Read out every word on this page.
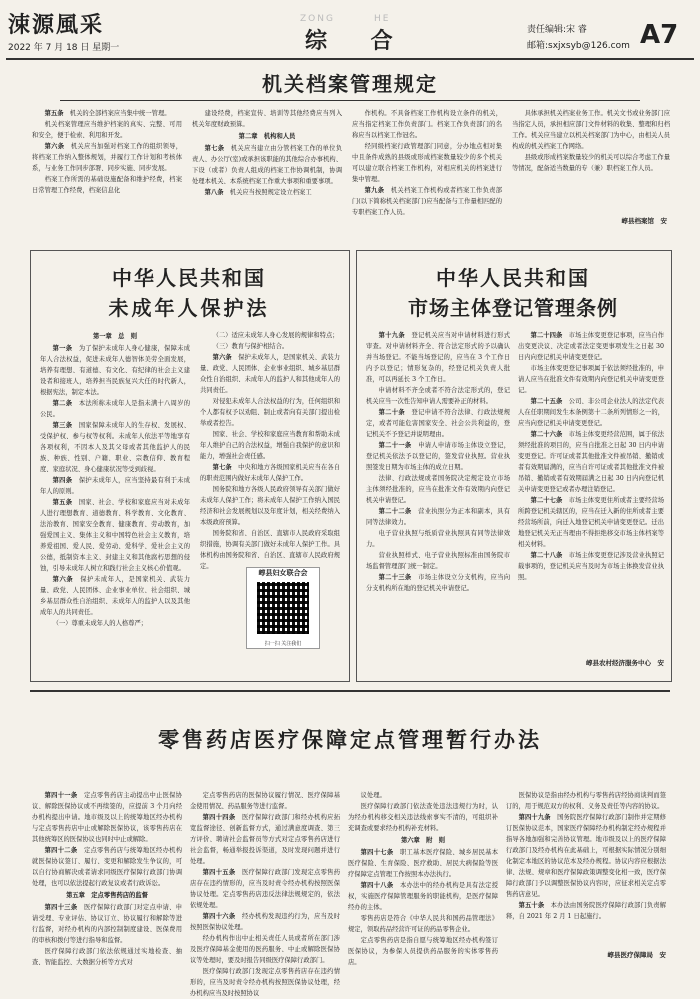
涑源風采
2022 年 7 月 18 日 星期一
ZONG	HE
综 合	责任编辑:宋 睿
邮箱:sxjxsyb@126.com A7
机关档案管理规定

第五条　机关的全部档案应当集中统一管理。

机关档案管理应当维护档案的真实、完整、可用和安全，便于检索、利用和开发。

第六条　机关应当加强对档案工作的组织领导，将档案工作纳入整体规划，并履行工作计划和考核体系，与业务工作同步部署、同步实施、同步发展。

档案工作所需的基础设施配备和维护经费，档案日常管理工作经费，档案信息化

建设经费，档案宣传、培训等其他经费应当列入机关年度财政预算。

第二章　机构和人员

第七条　机关应当建立由分管档案工作的单位负责人、办公厅(室)或承担该职能的其他综合办事机构、下设（或者）负责人组成的档案工作协调机制，协调处理本机关、本系统档案工作重大事项和重要事项。

第八条　机关应当按照规定设立档案工

作机构。不具备档案工作机构设立条件的机关，应当指定档案工作负责部门。档案工作负责部门的名称应当以档案工作冠名。

经同级档案行政管理部门同意，分办地点相对集中且条件成熟的县级或形成档案数量较少的多个机关可以建立联合档案工作机构，对相应机关的档案进行集中管理。

第九条　机关档案工作机构或者档案工作负责部门(以下简称机关档案部门)应当配备与工作量相匹配的专职档案工作人员。

具体承担机关档案业务工作。机关文书或业务部门应当指定人员，承担相应部门文件材料的收集、整理和归档工作。机关应当建立以机关档案部门为中心，由相关人员构成的机关档案工作网络。

县级或形成档案数量较少的机关可以综合考虑工作量等情况，配备适当数量的专（兼）职档案工作人员。

崞县档案馆　安
中华人民共和国
未成年人保护法
第一章　总　则

第一条　为了保护未成年人身心健康，保障未成年人合法权益，促进未成年人德智体美劳全面发展，培养有理想、有道德、有文化、有纪律的社会主义建设者和接班人，培养担当民族复兴大任的时代新人，根据宪法，制定本法。

第二条　本法所称未成年人是指未满十八周岁的公民。

第三条　国家保障未成年人的生存权、发展权、受保护权、参与权等权利。未成年人依法平等地享有各项权利，不因本人及其父母或者其他监护人的民族、种族、性别、户籍、职业、宗教信仰、教育程度、家庭状况、身心健康状况等受到歧视。

第四条　保护未成年人，应当坚持最有利于未成年人的原则。

第五条　国家、社会、学校和家庭应当对未成年人进行理想教育、道德教育、科学教育、文化教育、法治教育、国家安全教育、健康教育、劳动教育，加强爱国主义、集体主义和中国特色社会主义教育，培养爱祖国、爱人民、爱劳动、爱科学、爱社会主义的公德，抵制资本主义、封建主义和其他腐朽思想的侵蚀，引导未成年人树立和践行社会主义核心价值观。

第六条　保护未成年人，是国家机关、武装力量、政党、人民团体、企业事业单位、社会组织、城乡基层群众性自治组织、未成年人的监护人以及其他成年人的共同责任。

（一）尊重未成年人的人格尊严；

（二）适应未成年人身心发展的规律和特点；

（三）教育与保护相结合。

第六条　保护未成年人，是国家机关、武装力量、政党、人民团体、企业事业组织、城乡基层群众性自治组织、未成年人的监护人和其他成年人的共同责任。

对侵犯未成年人合法权益的行为，任何组织和个人都有权予以劝阻、制止或者向有关部门提出检举或者控告。

国家、社会、学校和家庭应当教育和帮助未成年人维护自己的合法权益，增强自我保护的意识和能力，增强社会责任感。

第七条　中央和地方各级国家机关应当在各自的职责范围内做好未成年人保护工作。

国务院和地方各级人民政府领导有关部门做好未成年人保护工作；将未成年人保护工作纳入国民经济和社会发展规划以及年度计划，相关经费纳入本级政府预算。

国务院和省、自治区、直辖市人民政府采取组织措施，协调有关部门做好未成年人保护工作。具体机构由国务院和省、自治区、直辖市人民政府规定。

崞县妇女联合会
扫一扫 关注我们
中华人民共和国
市场主体登记管理条例

第十九条　登记机关应当对申请材料进行形式审查。对申请材料齐全、符合法定形式的予以确认并当场登记。不能当场登记的，应当在 3 个工作日内予以登记；情形复杂的，经登记机关负责人批准，可以再延长 3 个工作日。

申请材料不齐全或者不符合法定形式的，登记机关应当一次性告知申请人需要补正的材料。

第二十条　登记申请不符合法律、行政法规规定，或者可能危害国家安全、社会公共利益的，登记机关不予登记并说明理由。

第二十一条　申请人申请市场主体设立登记，登记机关依法予以登记的，签发营业执照。营业执照签发日期为市场主体的成立日期。

法律、行政法规或者国务院决定规定设立市场主体须经批准的，应当在批准文件有效期内向登记机关申请登记。

第二十二条　营业执照分为正本和副本，具有同等法律效力。

电子营业执照与纸质营业执照具有同等法律效力。

营业执照样式、电子营业执照标准由国务院市场监督管理部门统一制定。

第二十三条　市场主体设立分支机构，应当向分支机构所在地的登记机关申请登记。

第二十四条　市场主体变更登记事项，应当自作出变更决议、决定或者法定变更事项发生之日起 30 日内向登记机关申请变更登记。

市场主体变更登记事项属于依法须经批准的，申请人应当在批准文件有效期内向登记机关申请变更登记。

第二十五条　公司、非公司企业法人的法定代表人在任职期间发生本条例第十二条所列情形之一的，应当向登记机关申请变更登记。

第二十六条　市场主体变更经营范围，属于依法须经批准的项目的，应当自批准之日起 30 日内申请变更登记。许可证或者其他批准文件被吊销、撤销或者有效期届满的，应当自许可证或者其他批准文件被吊销、撤销或者有效期届满之日起 30 日内向登记机关申请变更登记或者办理注销登记。

第二十七条　市场主体变更住所或者主要经营场所跨登记机关辖区的，应当在迁入新的住所或者主要经营场所前，向迁入地登记机关申请变更登记。迁出地登记机关无正当理由不得拒绝移交市场主体档案等相关材料。

第二十八条　市场主体变更登记涉及营业执照记载事项的，登记机关应当及时为市场主体换发营业执照。

崞县农村经济服务中心　安
零售药店医疗保障定点管理暂行办法

第四十一条　定点零售药店主动提出中止医保协议、解除医保协议或不再续签的，应提前 3 个月向经办机构提出申请。地市级及以上的统筹地区经办机构与定点零售药店中止或解除医保协议，该零售药店在其他统筹区的医保协议也同时中止或解除。

第四十二条　定点零售药店与统筹地区经办机构就医保协议签订、履行、变更和解除发生争议的，可以自行协商解决或者请求同级医疗保障行政部门协调处理，也可以依法提起行政复议或者行政诉讼。

第五章　定点零售药店的监督

第四十三条　医疗保障行政部门对定点申请、申请受理、专业评估、协议订立、协议履行和解除等进行监督，对经办机构的内部控制制度建设、医保费用的审核和拨付等进行指导和监督。

医疗保障行政部门依法依规通过实地检查、抽查、智能监控、大数据分析等方式对

定点零售药店的医保协议履行情况、医疗保障基金使用情况、药品服务等进行监督。

第四十四条　医疗保障行政部门和经办机构应拓宽监督途径、创新监督方式，通过满意度调查、第三方评价、聘请社会监督员等方式对定点零售药店进行社会监督，畅通举报投诉渠道，及时发现问题并进行处理。

第四十五条　医疗保障行政部门发现定点零售药店存在违约情形的，应当及时责令经办机构按照医保协议处理。定点零售药店违反法律法规规定的，依法依规处理。

第四十六条　经办机构发现违约行为，应当及时按照医保协议处理。

经办机构作出中止相关责任人员或者所在部门涉及医疗保障基金使用的医药服务、中止或解除医保协议等处理时，要及时报告同级医疗保障行政部门。

医疗保障行政部门发现定点零售药店存在违约情形的，应当及时责令经办机构按照医保协议处理，经办机构应当及时按照协议

议处理。

医疗保障行政部门依法查处违法违规行为时，认为经办机构移交相关违法线索事实不清的，可组织补充调查或要求经办机构补充材料。

第六章　附　则

第四十七条　职工基本医疗保险、城乡居民基本医疗保险、生育保险、医疗救助、居民大病保险等医疗保障定点管理工作按照本办法执行。

第四十八条　本办法中的经办机构是具有法定授权，实施医疗保障管理服务的职能机构，是医疗保障经办的主体。

零售药店是符合《中华人民共和国药品管理法》规定，领取药品经营许可证的药品零售企业。

定点零售药店是指自愿与统筹地区经办机构签订医保协议，为参保人员提供药品服务的实体零售药店。

医保协议是指由经办机构与零售药店经协商谈判而签订的，用于规范双方的权利、义务及责任等内容的协议。

第四十九条　国务院医疗保障行政部门制作并定期修订医保协议范本，国家医疗保障经办机构制定经办规程并指导各地加强和完善协议管理。地市级及以上的医疗保障行政部门及经办机构在此基础上，可根据实际情况分别细化制定本地区的协议范本及经办规程。协议内容应根据法律、法规、规章和医疗保障政策调整变化相一致，医疗保障行政部门予以调整医保协议内容时，应征求相关定点零售药店意见。

第五十条　本办法由国务院医疗保障行政部门负责解释，自 2021 年 2 月 1 日起施行。

崞县医疗保障局　安
